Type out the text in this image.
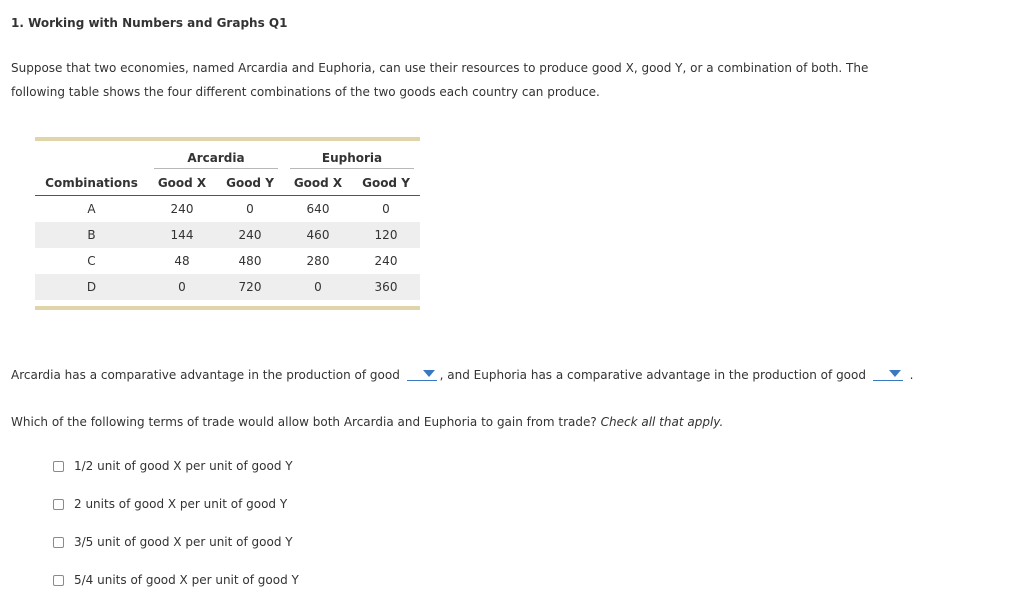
1. Working with Numbers and Graphs Q1
Suppose that two economies, named Arcardia and Euphoria, can use their resources to produce good X, good Y, or a combination of both. The
following table shows the four different combinations of the two goods each country can produce.

	Arcardia		Euphoria	

Combinations	Good X	Good Y	Good X	Good Y
A	240	0	640	0
B	144	240	460	120
C	48	480	280	240
D	0	720	0	360
Arcardia has a comparative advantage in the production of good	, and Euphoria has a comparative advantage in the production of good	.
Which of the following terms of trade would allow both Arcardia and Euphoria to gain from trade? Check all that apply.
1/2 unit of good X per unit of good Y
2 units of good X per unit of good Y
3/5 unit of good X per unit of good Y
5/4 units of good X per unit of good Y
